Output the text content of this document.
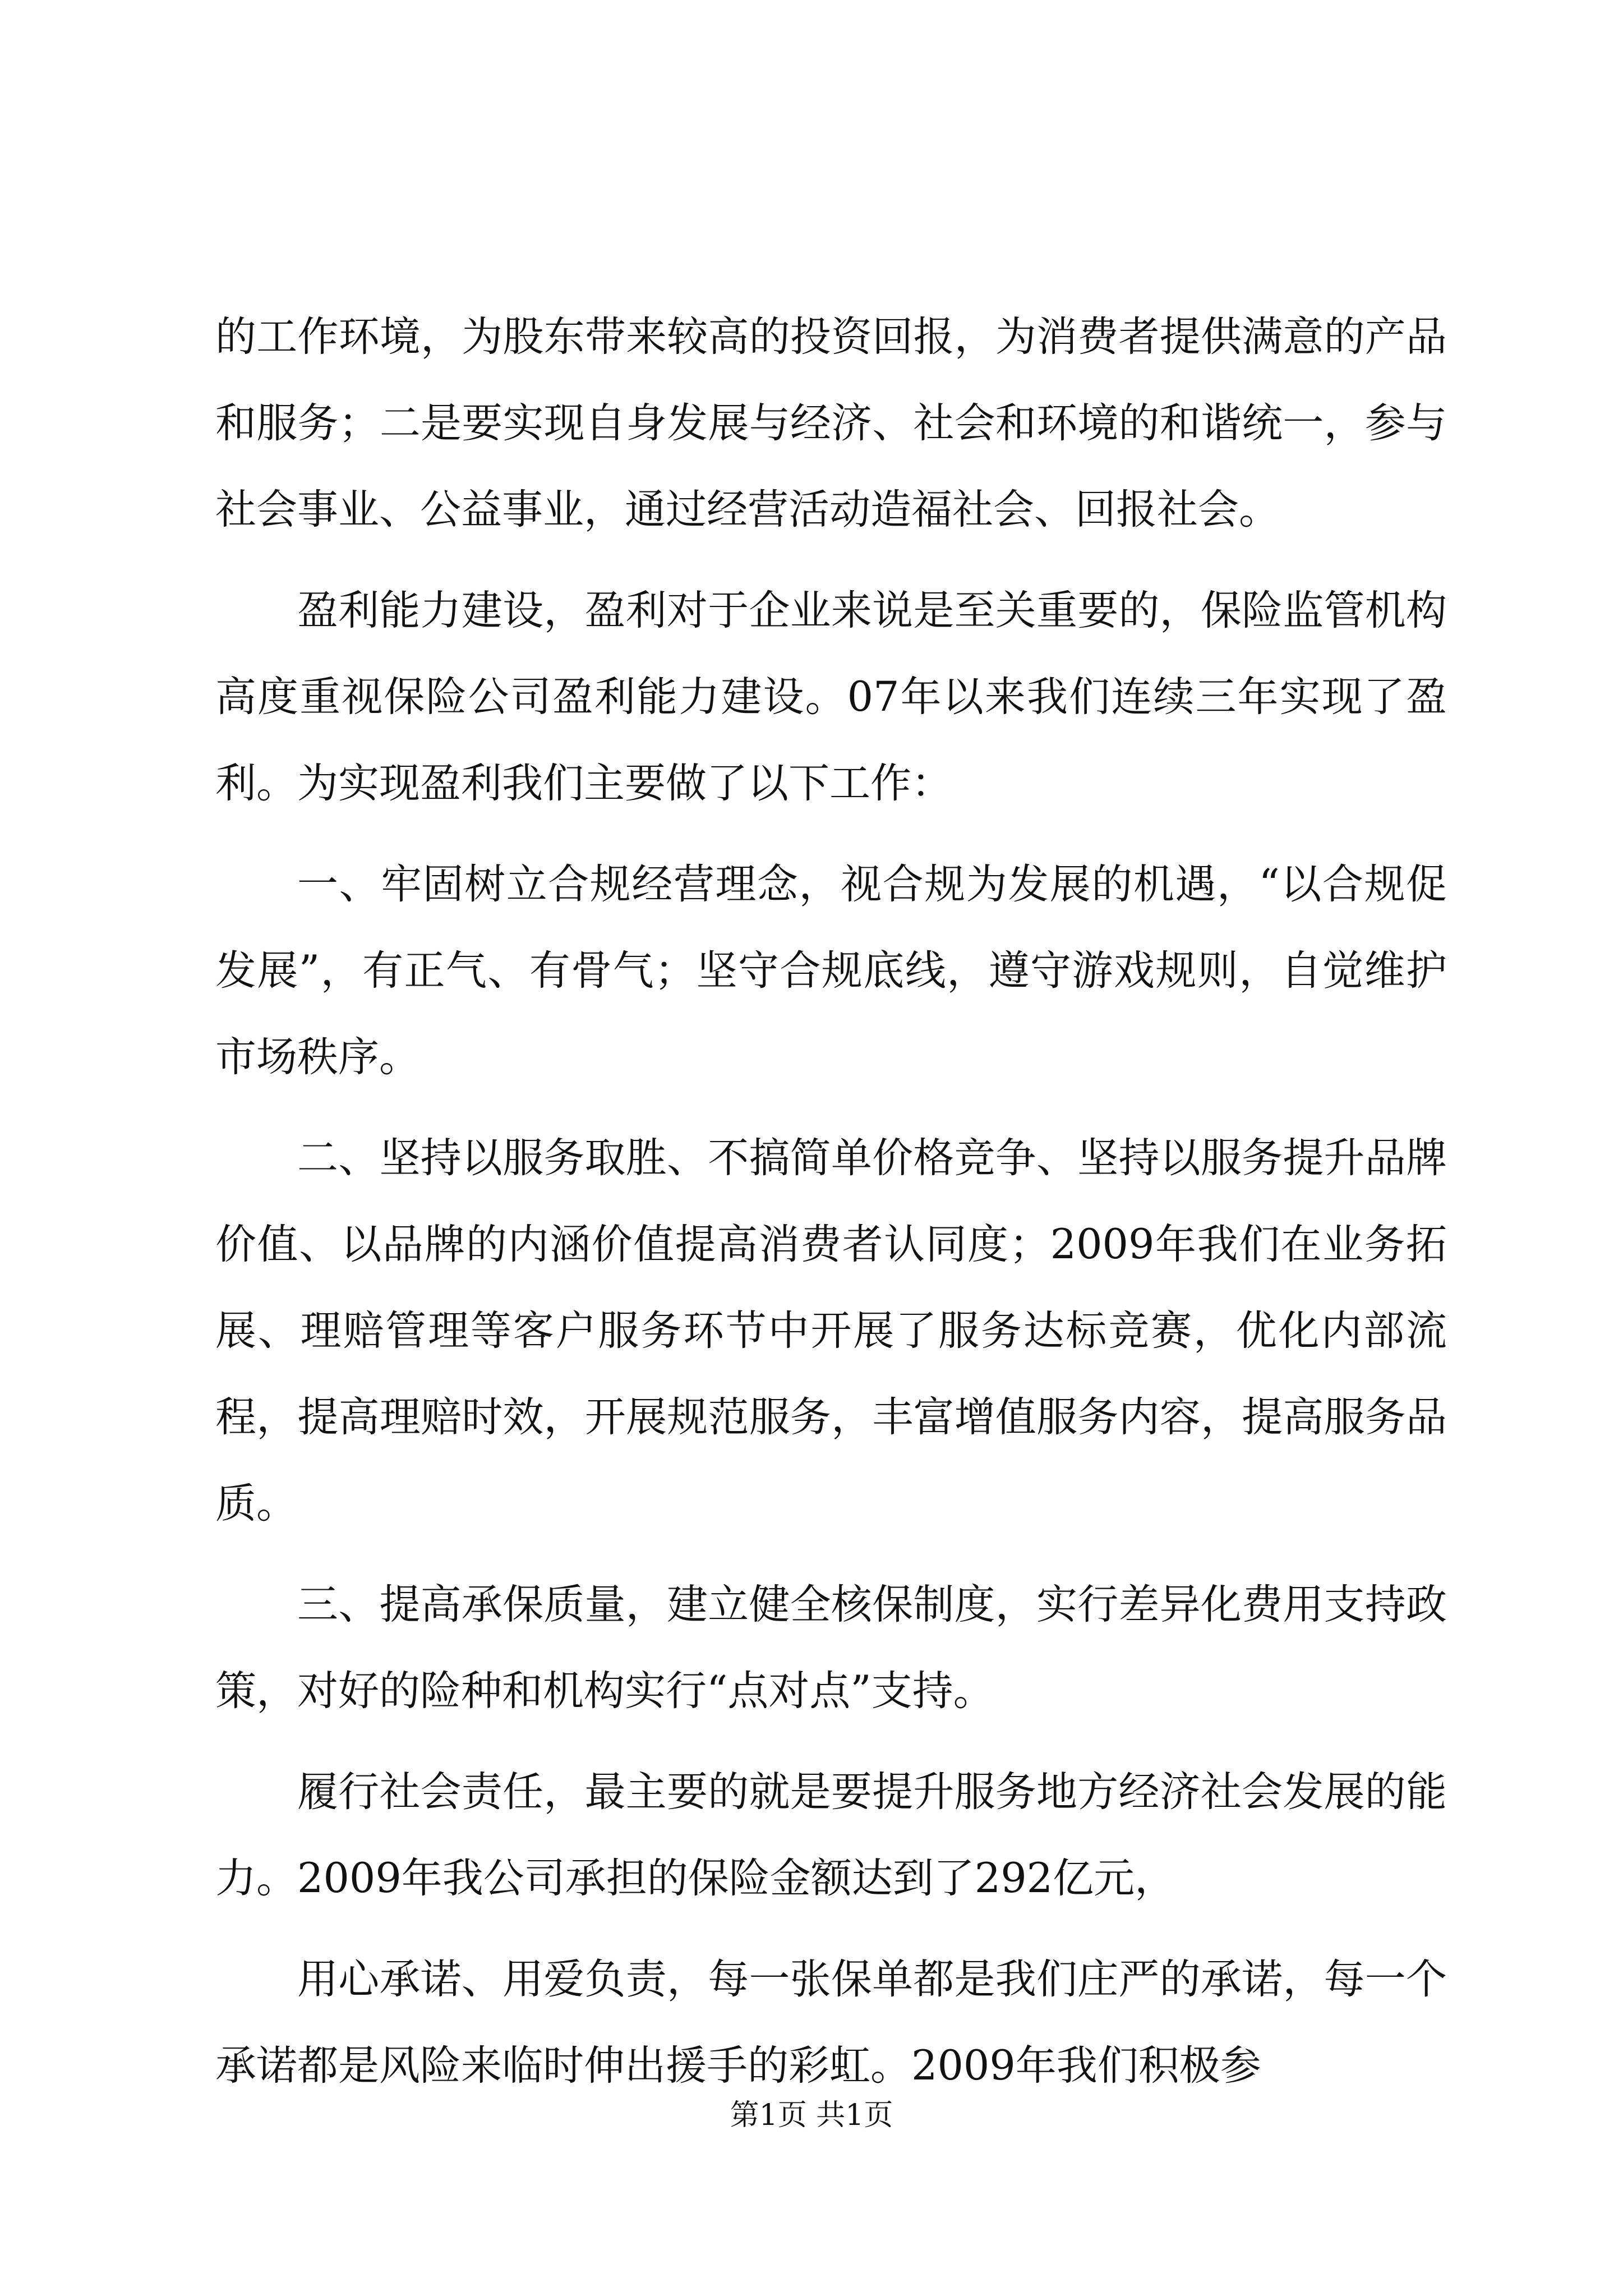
的工作环境，为股东带来较高的投资回报，为消费者提供满意的产品和服务；二是要实现自身发展与经济、社会和环境的和谐统一，参与社会事业、公益事业，通过经营活动造福社会、回报社会。

盈利能力建设，盈利对于企业来说是至关重要的，保险监管机构高度重视保险公司盈利能力建设。07年以来我们连续三年实现了盈利。为实现盈利我们主要做了以下工作：

一、牢固树立合规经营理念，视合规为发展的机遇，“以合规促发展”，有正气、有骨气；坚守合规底线，遵守游戏规则，自觉维护市场秩序。

二、坚持以服务取胜、不搞简单价格竞争、坚持以服务提升品牌价值、以品牌的内涵价值提高消费者认同度；2009年我们在业务拓展、理赔管理等客户服务环节中开展了服务达标竞赛，优化内部流程，提高理赔时效，开展规范服务，丰富增值服务内容，提高服务品质。

三、提高承保质量，建立健全核保制度，实行差异化费用支持政策，对好的险种和机构实行“点对点”支持。

履行社会责任，最主要的就是要提升服务地方经济社会发展的能力。2009年我公司承担的保险金额达到了292亿元，

用心承诺、用爱负责，每一张保单都是我们庄严的承诺，每一个承诺都是风险来临时伸出援手的彩虹。2009年我们积极参

第1页 共1页
